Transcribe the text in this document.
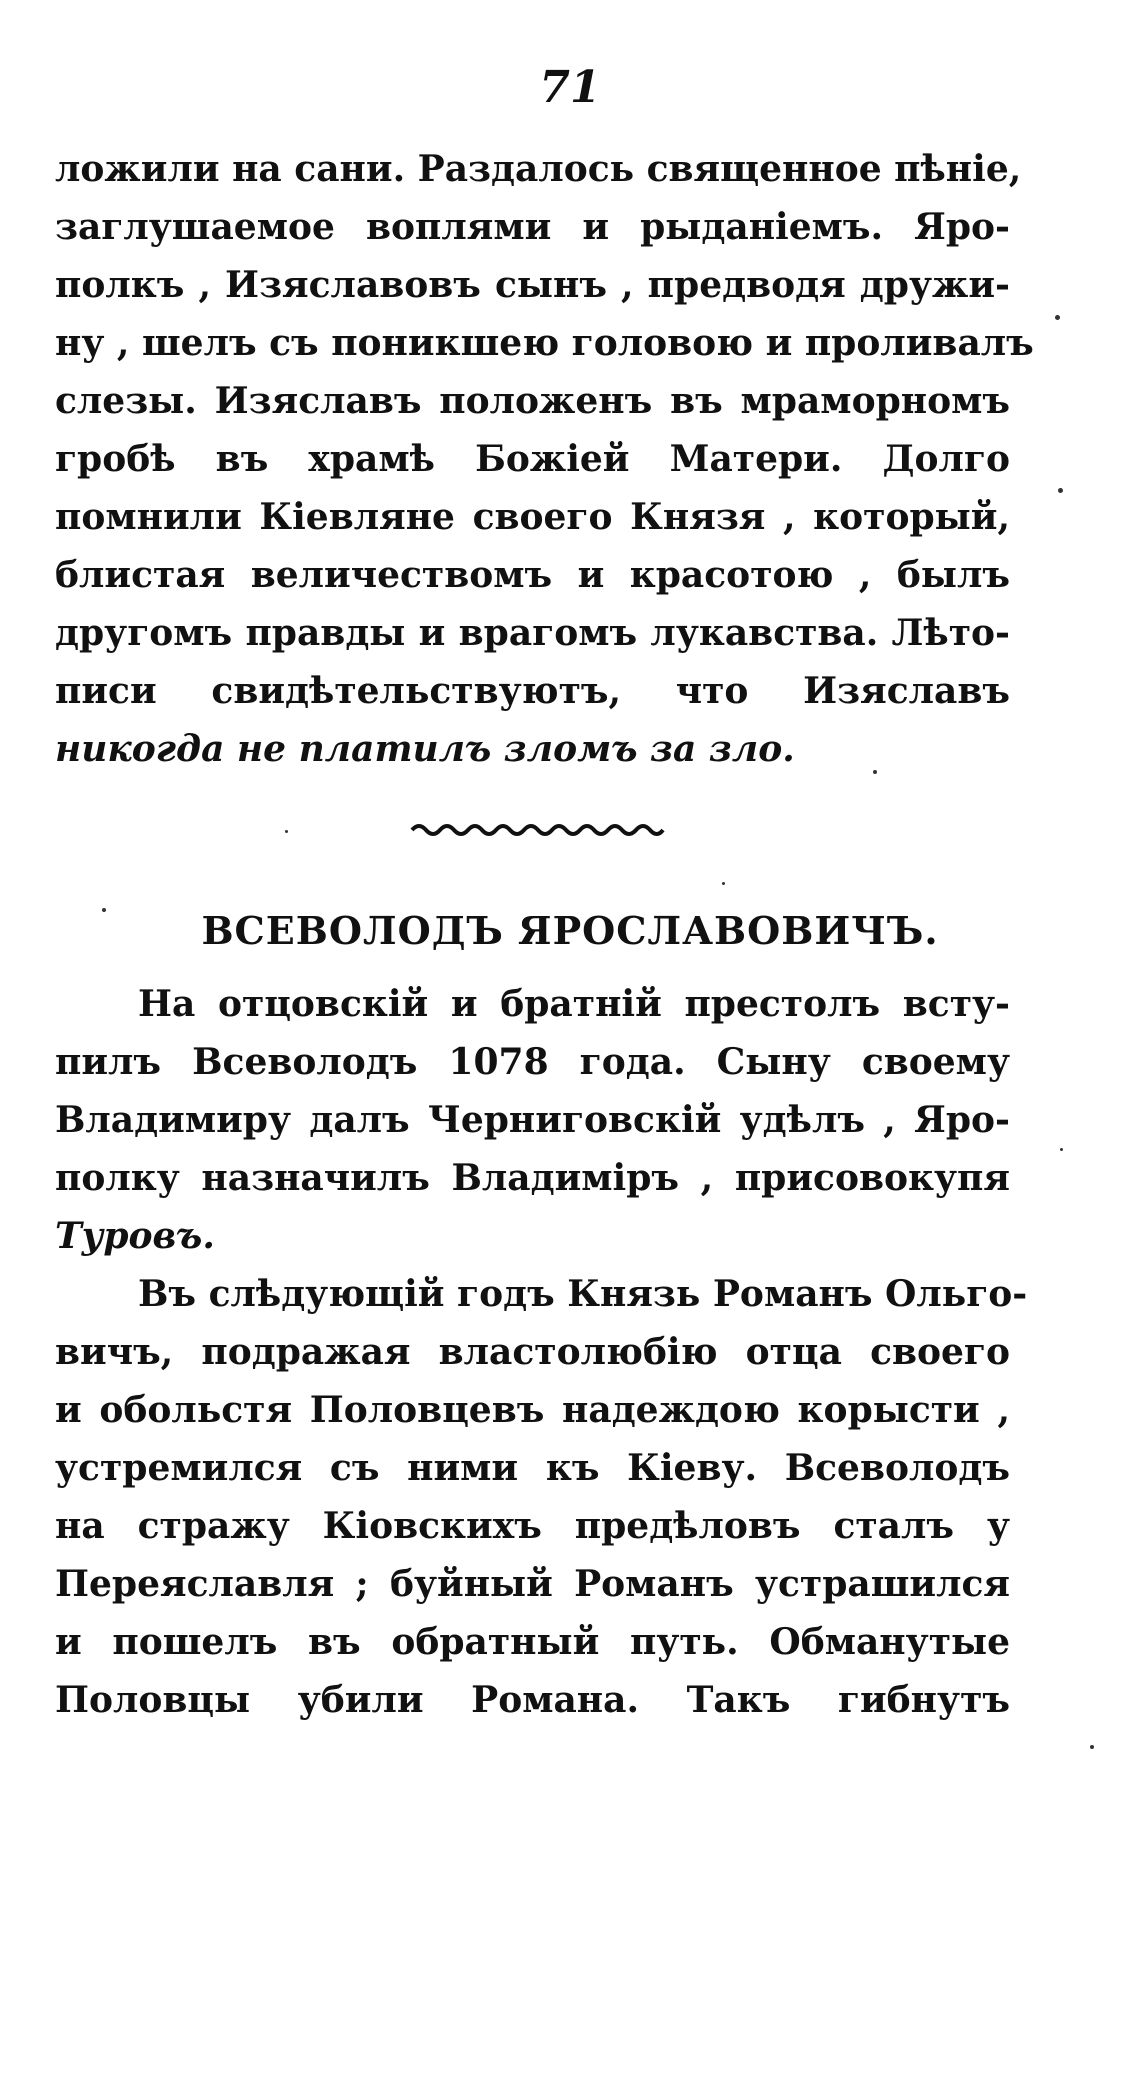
71
ложили на сани. Раздалось священное пѣніе,
заглушаемое воплями и рыданіемъ. Яро-
полкъ , Изяславовъ сынъ , предводя дружи-
ну , шелъ съ поникшею головою и проливалъ
слезы. Изяславъ положенъ въ мраморномъ
гробѣ въ храмѣ Божіей Матери. Долго
помнили Кіевляне своего Князя , который,
блистая величествомъ и красотою , былъ
другомъ правды и врагомъ лукавства. Лѣто-
писи свидѣтельствуютъ, что Изяславъ
никогда не платилъ зломъ за зло.
ВСЕВОЛОДЪ ЯРОСЛАВОВИЧЪ.
На отцовскій и братній престолъ всту-
пилъ Всеволодъ 1078 года. Сыну своему
Владимиру далъ Черниговскій удѣлъ , Яро-
полку назначилъ Владиміръ , присовокупя
Туровъ.
Въ слѣдующій годъ Князь Романъ Ольго-
вичъ, подражая властолюбію отца своего
и обольстя Половцевъ надеждою корысти ,
устремился съ ними къ Кіеву. Всеволодъ
на стражу Кіовскихъ предѣловъ сталъ у
Переяславля ; буйный Романъ устрашился
и пошелъ въ обратный путь. Обманутые
Половцы убили Романа. Такъ гибнутъ
